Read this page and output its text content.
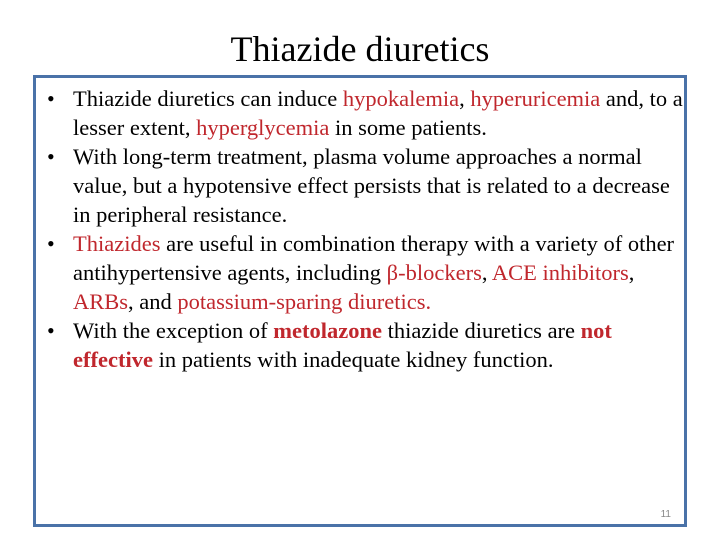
Thiazide diuretics
• Thiazide diuretics can induce hypokalemia, hyperuricemia and, to a lesser extent, hyperglycemia in some patients.
• With long-term treatment, plasma volume approaches a normal value, but a hypotensive effect persists that is related to a decrease in peripheral resistance.
• Thiazides are useful in combination therapy with a variety of other antihypertensive agents, including β-blockers, ACE inhibitors, ARBs, and potassium-sparing diuretics.
• With the exception of metolazone thiazide diuretics are not effective in patients with inadequate kidney function.
11
